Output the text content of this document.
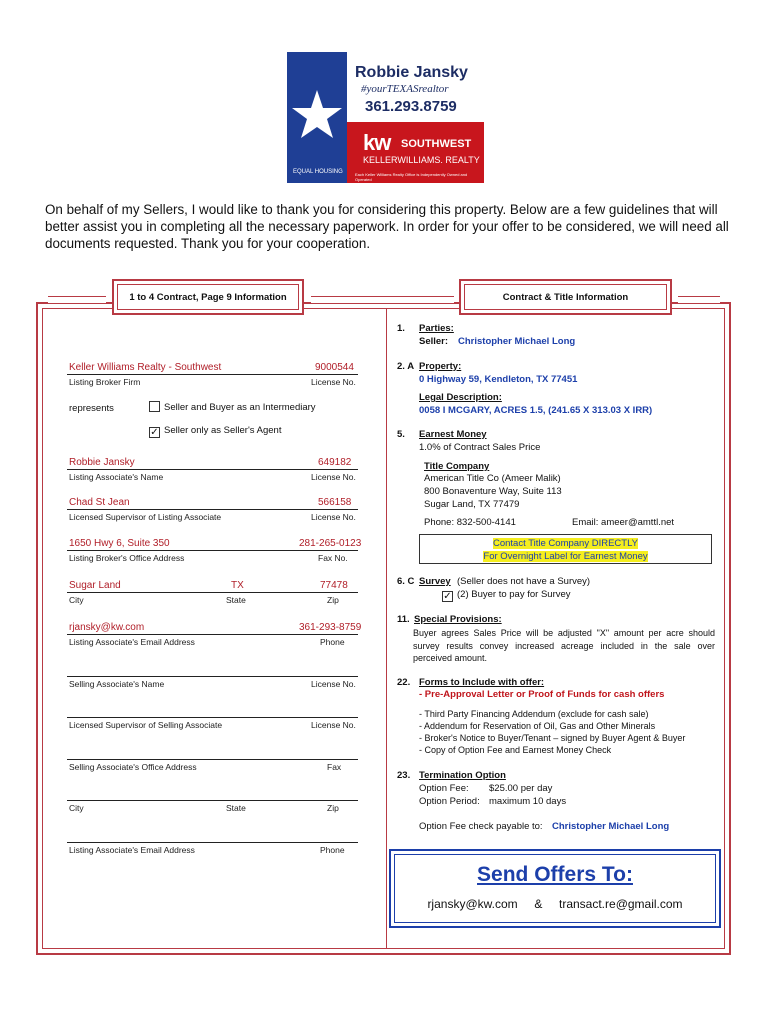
Robbie Jansky
#yourTEXASrealtor
361.293.8759
kw SOUTHWEST
KELLERWILLIAMS. REALTY
Each Keller Williams Realty Office is Independently Owned and Operated
EQUAL HOUSING
On behalf of my Sellers, I would like to thank you for considering this property. Below are a few guidelines that will better assist you in completing all the necessary paperwork. In order for your offer to be considered, we will need all documents requested. Thank you for your cooperation.
1 to 4 Contract, Page 9 Information	Contract & Title Information
Keller Williams Realty - Southwest	9000544
Listing Broker Firm	License No.
represents	Seller and Buyer as an Intermediary
✓ Seller only as Seller's Agent
Robbie Jansky	649182
Listing Associate's Name	License No.
Chad St Jean	566158
Licensed Supervisor of Listing Associate	License No.
1650 Hwy 6, Suite 350	281-265-0123
Listing Broker's Office Address	Fax No.
Sugar Land	TX	77478
City	State	Zip
rjansky@kw.com	361-293-8759
Listing Associate's Email Address	Phone
Selling Associate's Name	License No.
Licensed Supervisor of Selling Associate	License No.
Selling Associate's Office Address	Fax
City	State	Zip
Listing Associate's Email Address	Phone
1. Parties:
Seller: Christopher Michael Long
2. A Property:
0 Highway 59, Kendleton, TX 77451
Legal Description:
0058 I MCGARY, ACRES 1.5, (241.65 X 313.03 X IRR)
5. Earnest Money
1.0% of Contract Sales Price
Title Company
American Title Co (Ameer Malik)
800 Bonaventure Way, Suite 113
Sugar Land, TX 77479
Phone: 832-500-4141	Email: ameer@amttl.net
Contact Title Company DIRECTLY
For Overnight Label for Earnest Money
6. C Survey (Seller does not have a Survey)
✓ (2) Buyer to pay for Survey
11. Special Provisions:
Buyer agrees Sales Price will be adjusted "X" amount per acre should survey results convey increased acreage included in the sale over perceived amount.
22. Forms to Include with offer:
- Pre-Approval Letter or Proof of Funds for cash offers
- Third Party Financing Addendum (exclude for cash sale)
- Addendum for Reservation of Oil, Gas and Other Minerals
- Broker's Notice to Buyer/Tenant – signed by Buyer Agent & Buyer
- Copy of Option Fee and Earnest Money Check
23. Termination Option
Option Fee: $25.00 per day
Option Period: maximum 10 days
Option Fee check payable to: Christopher Michael Long
Send Offers To:
rjansky@kw.com & transact.re@gmail.com
